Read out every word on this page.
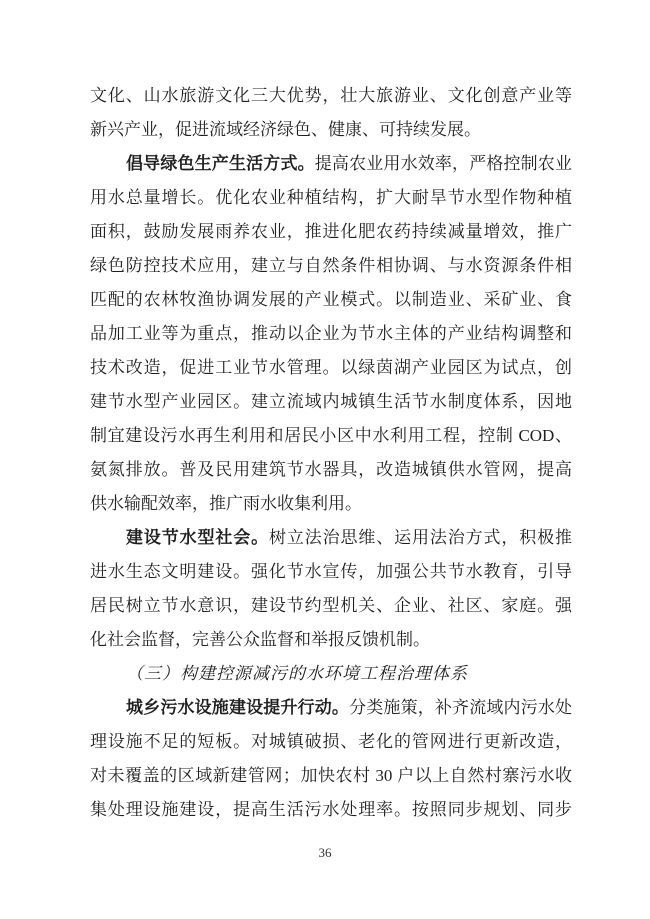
文化、山水旅游文化三大优势，壮大旅游业、文化创意产业等
新兴产业，促进流域经济绿色、健康、可持续发展。
倡导绿色生产生活方式。提高农业用水效率，严格控制农业
用水总量增长。优化农业种植结构，扩大耐旱节水型作物种植
面积，鼓励发展雨养农业，推进化肥农药持续减量增效，推广
绿色防控技术应用，建立与自然条件相协调、与水资源条件相
匹配的农林牧渔协调发展的产业模式。以制造业、采矿业、食
品加工业等为重点，推动以企业为节水主体的产业结构调整和
技术改造，促进工业节水管理。以绿茵湖产业园区为试点，创
建节水型产业园区。建立流域内城镇生活节水制度体系，因地
制宜建设污水再生利用和居民小区中水利用工程，控制 COD、
氨氮排放。普及民用建筑节水器具，改造城镇供水管网，提高
供水输配效率，推广雨水收集利用。
建设节水型社会。树立法治思维、运用法治方式，积极推
进水生态文明建设。强化节水宣传，加强公共节水教育，引导
居民树立节水意识，建设节约型机关、企业、社区、家庭。强
化社会监督，完善公众监督和举报反馈机制。
（三）构建控源减污的水环境工程治理体系
城乡污水设施建设提升行动。分类施策，补齐流域内污水处
理设施不足的短板。对城镇破损、老化的管网进行更新改造，
对未覆盖的区域新建管网；加快农村 30 户以上自然村寨污水收
集处理设施建设，提高生活污水处理率。按照同步规划、同步
36
